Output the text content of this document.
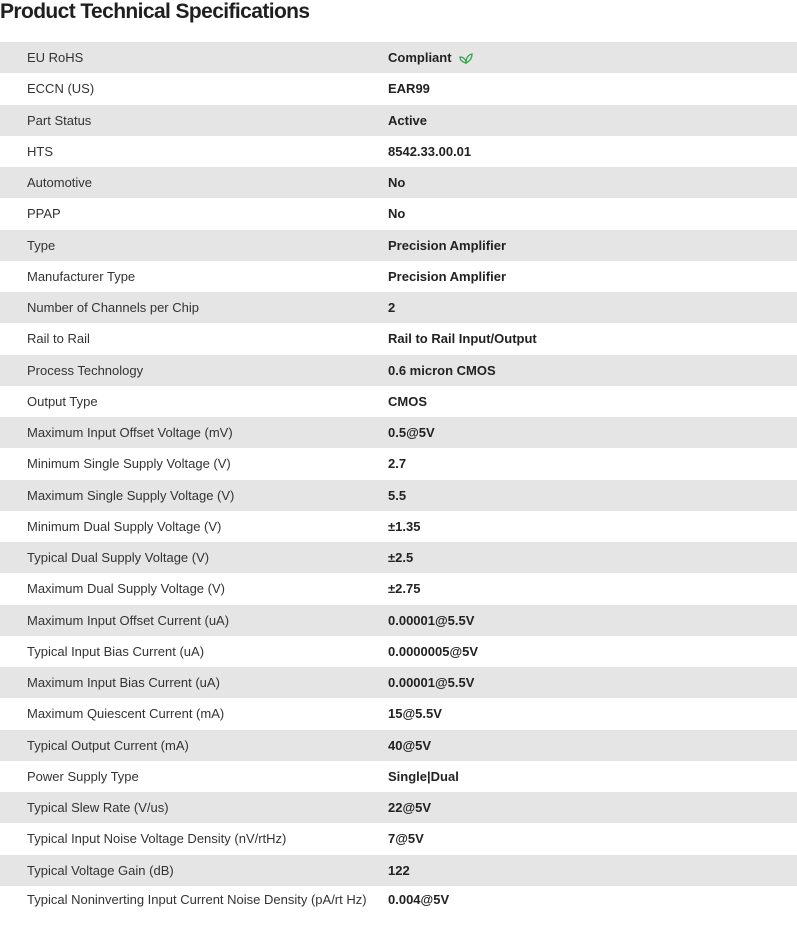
Product Technical Specifications
EU RoHS	Compliant
ECCN (US)	EAR99
Part Status	Active
HTS	8542.33.00.01
Automotive	No
PPAP	No
Type	Precision Amplifier
Manufacturer Type	Precision Amplifier
Number of Channels per Chip	2
Rail to Rail	Rail to Rail Input/Output
Process Technology	0.6 micron CMOS
Output Type	CMOS
Maximum Input Offset Voltage (mV)	0.5@5V
Minimum Single Supply Voltage (V)	2.7
Maximum Single Supply Voltage (V)	5.5
Minimum Dual Supply Voltage (V)	±1.35
Typical Dual Supply Voltage (V)	±2.5
Maximum Dual Supply Voltage (V)	±2.75
Maximum Input Offset Current (uA)	0.00001@5.5V
Typical Input Bias Current (uA)	0.0000005@5V
Maximum Input Bias Current (uA)	0.00001@5.5V
Maximum Quiescent Current (mA)	15@5.5V
Typical Output Current (mA)	40@5V
Power Supply Type	Single|Dual
Typical Slew Rate (V/us)	22@5V
Typical Input Noise Voltage Density (nV/rtHz)	7@5V
Typical Voltage Gain (dB)	122
Typical Noninverting Input Current Noise Density (pA/rt Hz)	0.004@5V
